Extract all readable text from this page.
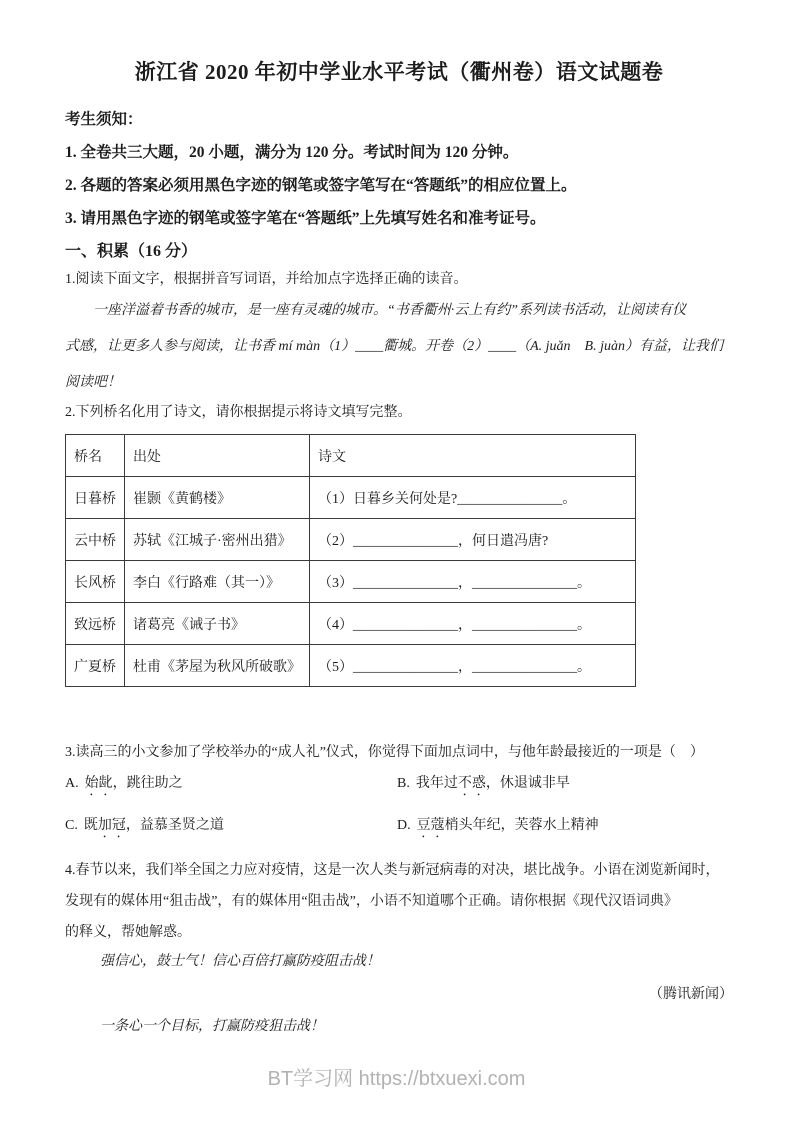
浙江省 2020 年初中学业水平考试（衢州卷）语文试题卷
考生须知：
1. 全卷共三大题，20 小题，满分为 120 分。考试时间为 120 分钟。
2. 各题的答案必须用黑色字迹的钢笔或签字笔写在“答题纸”的相应位置上。
3. 请用黑色字迹的钢笔或签字笔在“答题纸”上先填写姓名和准考证号。
一、积累（16 分）
1.阅读下面文字，根据拼音写词语，并给加点字选择正确的读音。
一座洋溢着书香的城市，是一座有灵魂的城市。“书香衢州·云上有约”系列读书活动，让阅读有仪
式感，让更多人参与阅读，让书香 mí màn（1）____衢城。开卷（2）____（A. juǎn　B. juàn）有益，让我们
阅读吧！
2.下列桥名化用了诗文，请你根据提示将诗文填写完整。
桥名	出处	诗文
日暮桥	崔颢《黄鹤楼》	（1）日暮乡关何处是?_______________。
云中桥	苏轼《江城子·密州出猎》	（2）_______________，何日遣冯唐?
长风桥	李白《行路难（其一）》	（3）_______________，_______________。
致远桥	诸葛亮《诫子书》	（4）_______________，_______________。
广夏桥	杜甫《茅屋为秋风所破歌》	（5）_______________，_______________。
3.读高三的小文参加了学校举办的“成人礼”仪式，你觉得下面加点词中，与他年龄最接近的一项是（　）
A. 始龀，跳往助之	B. 我年过不惑，休退诚非早
C. 既加冠，益慕圣贤之道	D. 豆蔻梢头年纪，芙蓉水上精神
4.春节以来，我们举全国之力应对疫情，这是一次人类与新冠病毒的对决，堪比战争。小语在浏览新闻时，
发现有的媒体用“狙击战”，有的媒体用“阻击战”，小语不知道哪个正确。请你根据《现代汉语词典》
的释义，帮她解惑。
强信心，鼓士气！信心百倍打赢防疫阻击战！
（腾讯新闻）
一条心一个目标，打赢防疫狙击战！
BT学习网 https://btxuexi.com
